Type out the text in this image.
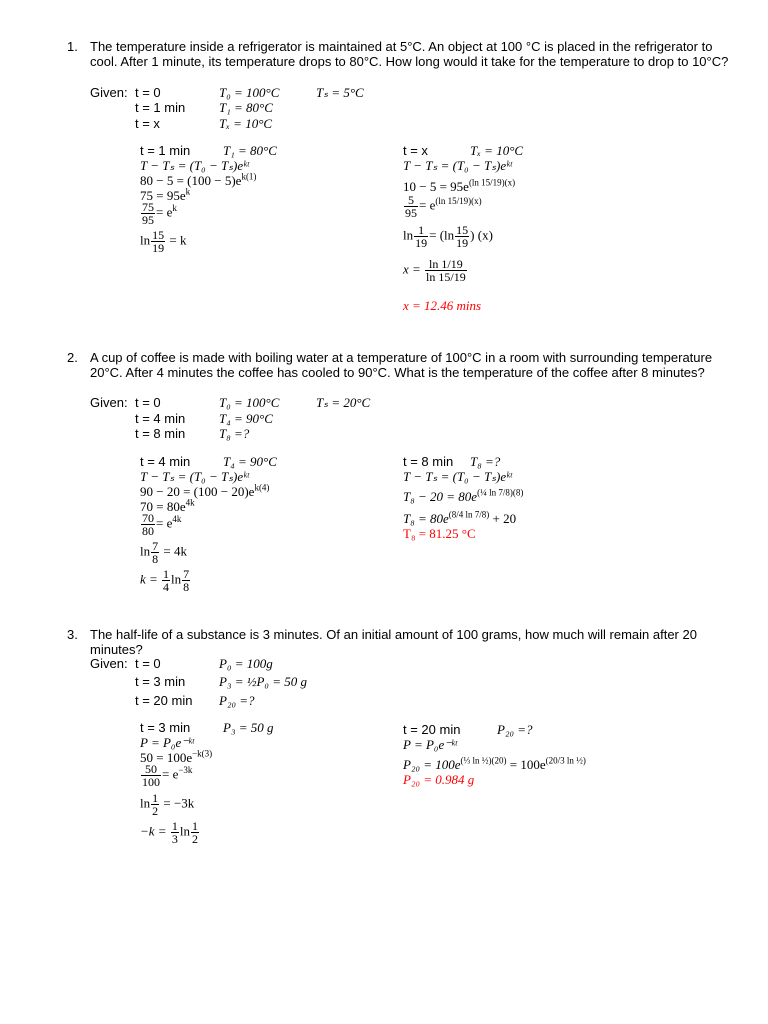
1. The temperature inside a refrigerator is maintained at 5°C. An object at 100 °C is placed in the refrigerator to cool. After 1 minute, its temperature drops to 80°C. How long would it take for the temperature to drop to 10°C?
Given: t = 0	T₀ = 100°C	Tₛ = 5°C
t = 1 min	T₁ = 80°C
t = x	Tₓ = 10°C
t = 1 min	T₁ = 80°C
T − Tₛ = (T₀ − Tₛ)eᵏᵗ
$80 - 5 = (100 - 5)e^{k(1)}$
$75 = 95e^k$
$\frac{75}{95} = e^k$
$\ln \frac{15}{19} = k$
t = x	Tₓ = 10°C
T − Tₛ = (T₀ − Tₛ)eᵏᵗ
$10 - 5 = 95e^{(ln 15/19)(x)}$
$\frac{5}{95} = e^{(ln 15/19)(x)}$
$\ln \frac{1}{19} = (\ln \frac{15}{19}$ ) (x)
$x = \frac{\ln 1/19}{\ln 15/19}$
x = 12.46 mins
2. A cup of coffee is made with boiling water at a temperature of 100°C in a room with surrounding temperature 20°C. After 4 minutes the coffee has cooled to 90°C. What is the temperature of the coffee after 8 minutes?
Given: t = 0	T₀ = 100°C	Tₛ = 20°C
t = 4 min	T₄ = 90°C
t = 8 min	T₈ =?
t = 4 min	T₄ = 90°C
T − Tₛ = (T₀ − Tₛ)eᵏᵗ
$90 - 20 = (100 - 20)e^{k(4)}$
$70 = 80e^{4k}$
$\frac{70}{80} = e^{4k}$
$\ln \frac{7}{8} = 4k$
$k = \frac{1}{4}$ $\ln \frac{7}{8}$
t = 8 min T₈ =?
T − Tₛ = (T₀ − Tₛ)eᵏᵗ
$T_8 - 20 = 80e^{(\frac{1}{4} ln 7/8)(8)}$
$T_8 = 80e^{(8/4 ln 7/8)} + 20$
T₈ = 81.25 °C
3. The half-life of a substance is 3 minutes. Of an initial amount of 100 grams, how much will remain after 20 minutes?
Given: t = 0	P₀ = 100g
t = 3 min	P₃ = ½P₀ = 50 g
t = 20 min P₂₀ =?
t = 3 min	P₃ = 50 g
P = P₀e⁻ᵏᵗ
$50 = 100e^{-k(3)}$
$\frac{50}{100} = e^{-3k}$
$\ln \frac{1}{2} = -3k$
$-k = \frac{1}{3}$ $\ln \frac{1}{2}$
t = 20 min	P₂₀ =?
P = P₀e⁻ᵏᵗ
$P_{20} = 100e^{(\frac{1}{3} ln \frac{1}{2})(20)} = 100e^{(20/3 ln \frac{1}{2})}$
P₂₀ = 0.984 g
